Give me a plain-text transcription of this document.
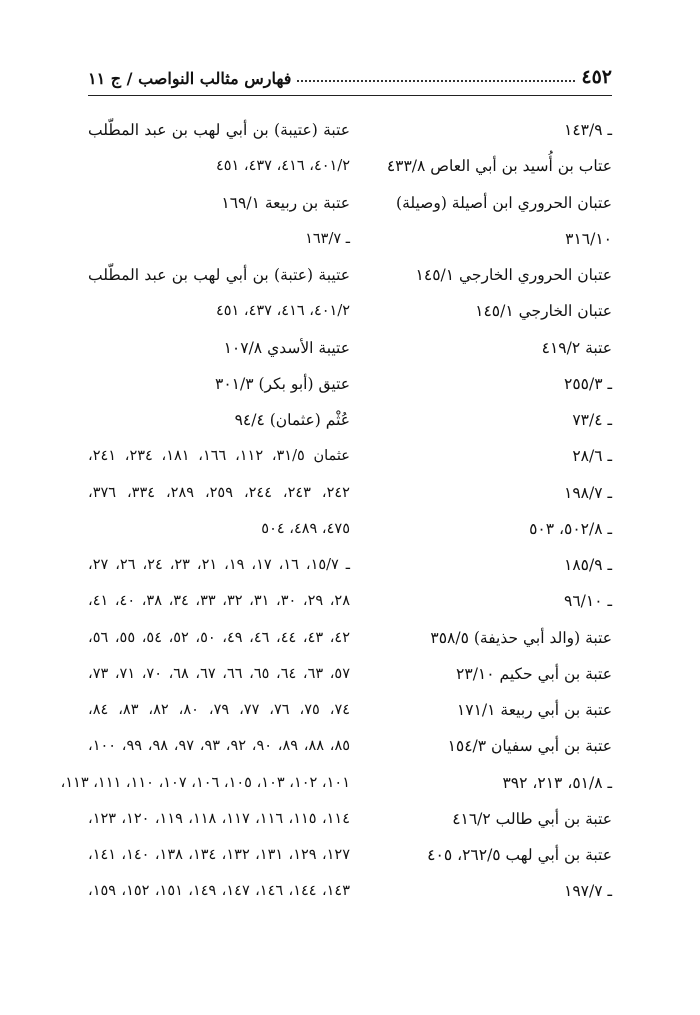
٤٥٢
فهارس مثالب النواصب / ج ١١
ـ ١٤٣/٩
عتاب بن أُسيد بن أبي العاص ٤٣٣/٨
عتبان الحروري ابن أصيلة (وصيلة)
٣١٦/١٠
عتبان الحروري الخارجي ١٤٥/١
عتبان الخارجي ١٤٥/١
عتبة ٤١٩/٢
ـ ٢٥٥/٣
ـ ٧٣/٤
ـ ٢٨/٦
ـ ١٩٨/٧
ـ ٥٠٢/٨، ٥٠٣
ـ ١٨٥/٩
ـ ٩٦/١٠
عتبة (والد أبي حذيفة) ٣٥٨/٥
عتبة بن أبي حكيم ٢٣/١٠
عتبة بن أبي ربيعة ١٧١/١
عتبة بن أبي سفيان ١٥٤/٣
ـ ٥١/٨، ٢١٣، ٣٩٢
عتبة بن أبي طالب ٤١٦/٢
عتبة بن أبي لهب ٢٦٢/٥، ٤٠٥
ـ ١٩٧/٧
عتبة (عتيبة) بن أبي لهب بن عبد المطّلب
٤٠١/٢، ٤١٦، ٤٣٧، ٤٥١
عتبة بن ربيعة ١٦٩/١
ـ ١٦٣/٧
عتيبة (عتبة) بن أبي لهب بن عبد المطّلب
٤٠١/٢، ٤١٦، ٤٣٧، ٤٥١
عتيبة الأسدي ١٠٧/٨
عتيق (أبو بكر) ٣٠١/٣
عُثْم (عثمان) ٩٤/٤
عثمان ٣١/٥، ١١٢، ١٦٦، ١٨١، ٢٣٤، ٢٤١،
٢٤٢، ٢٤٣، ٢٤٤، ٢٥٩، ٢٨٩، ٣٣٤، ٣٧٦،
٤٧٥، ٤٨٩، ٥٠٤
ـ ١٥/٧، ١٦، ١٧، ١٩، ٢١، ٢٣، ٢٤، ٢٦، ٢٧،
٢٨، ٢٩، ٣٠، ٣١، ٣٢، ٣٣، ٣٤، ٣٨، ٤٠، ٤١،
٤٢، ٤٣، ٤٤، ٤٦، ٤٩، ٥٠، ٥٢، ٥٤، ٥٥، ٥٦،
٥٧، ٦٣، ٦٤، ٦٥، ٦٦، ٦٧، ٦٨، ٧٠، ٧١، ٧٣،
٧٤، ٧٥، ٧٦، ٧٧، ٧٩، ٨٠، ٨٢، ٨٣، ٨٤،
٨٥، ٨٨، ٨٩، ٩٠، ٩٢، ٩٣، ٩٧، ٩٨، ٩٩، ١٠٠،
١٠١، ١٠٢، ١٠٣، ١٠٥، ١٠٦، ١٠٧، ١١٠، ١١١، ١١٣،
١١٤، ١١٥، ١١٦، ١١٧، ١١٨، ١١٩، ١٢٠، ١٢٣،
١٢٧، ١٢٩، ١٣١، ١٣٢، ١٣٤، ١٣٨، ١٤٠، ١٤١،
١٤٣، ١٤٤، ١٤٦، ١٤٧، ١٤٩، ١٥١، ١٥٢، ١٥٩،
